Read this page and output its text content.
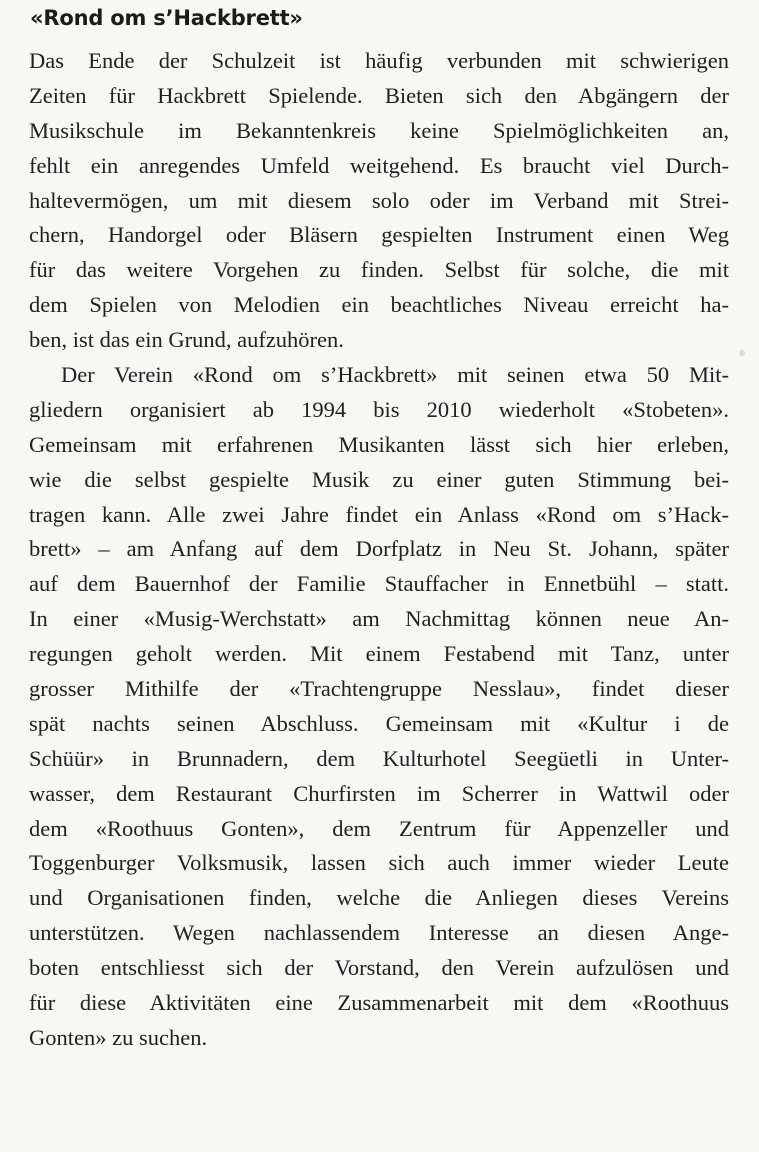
«Rond om s’Hackbrett»
Das Ende der Schulzeit ist häufig verbunden mit schwierigen
Zeiten für Hackbrett Spielende. Bieten sich den Abgängern der
Musikschule im Bekanntenkreis keine Spielmöglichkeiten an,
fehlt ein anregendes Umfeld weitgehend. Es braucht viel Durch-
haltevermögen, um mit diesem solo oder im Verband mit Strei-
chern, Handorgel oder Bläsern gespielten Instrument einen Weg
für das weitere Vorgehen zu finden. Selbst für solche, die mit
dem Spielen von Melodien ein beachtliches Niveau erreicht ha-
ben, ist das ein Grund, aufzuhören.
Der Verein «Rond om s’Hackbrett» mit seinen etwa 50 Mit-
gliedern organisiert ab 1994 bis 2010 wiederholt «Stobeten».
Gemeinsam mit erfahrenen Musikanten lässt sich hier erleben,
wie die selbst gespielte Musik zu einer guten Stimmung bei-
tragen kann. Alle zwei Jahre findet ein Anlass «Rond om s’Hack-
brett» – am Anfang auf dem Dorfplatz in Neu St. Johann, später
auf dem Bauernhof der Familie Stauffacher in Ennetbühl – statt.
In einer «Musig-Werchstatt» am Nachmittag können neue An-
regungen geholt werden. Mit einem Festabend mit Tanz, unter
grosser Mithilfe der «Trachtengruppe Nesslau», findet dieser
spät nachts seinen Abschluss. Gemeinsam mit «Kultur i de
Schüür» in Brunnadern, dem Kulturhotel Seegüetli in Unter-
wasser, dem Restaurant Churfirsten im Scherrer in Wattwil oder
dem «Roothuus Gonten», dem Zentrum für Appenzeller und
Toggenburger Volksmusik, lassen sich auch immer wieder Leute
und Organisationen finden, welche die Anliegen dieses Vereins
unterstützen. Wegen nachlassendem Interesse an diesen Ange-
boten entschliesst sich der Vorstand, den Verein aufzulösen und
für diese Aktivitäten eine Zusammenarbeit mit dem «Roothuus
Gonten» zu suchen.
